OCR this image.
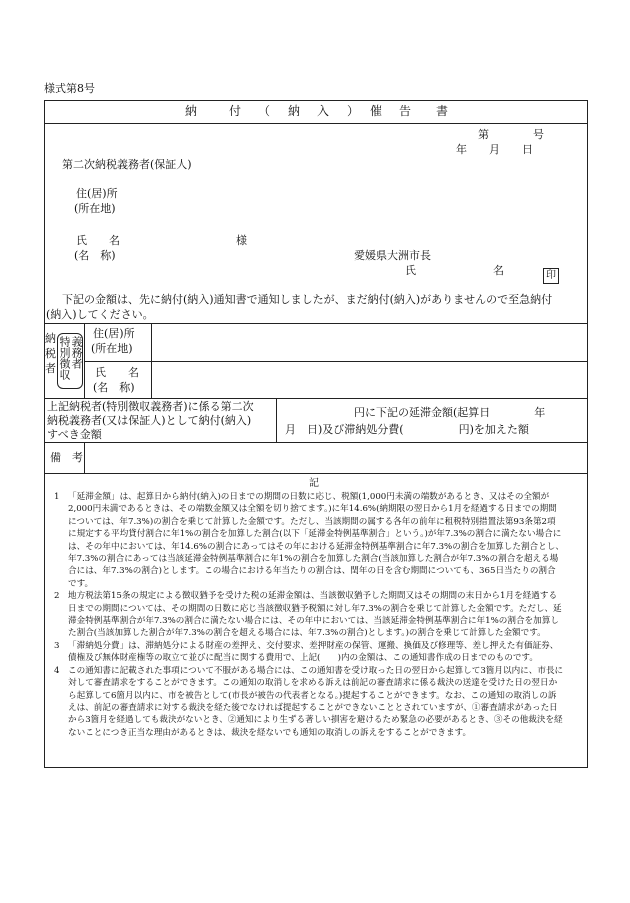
様式第8号
納	付 （ 納 入 ） 催 告 書
第　　　　号
年　　月　　日
第二次納税義務者(保証人)
住(居)所
(所在地)
氏　　名
(名　称)
様
愛媛県大洲市長
氏　　　　　　　名	印
下記の金額は、先に納付(納入)通知書で通知しましたが、まだ納付(納入)がありませんので至急納付
(納入)してください。
納
税
者 義務者
特別徴収
住(居)所
(所在地)
氏　　名
(名　称)
上記納税者(特別徴収義務者)に係る第二次
納税義務者(又は保証人)として納付(納入)
すべき金額
円に下記の延滞金額(起算日　　　　年
月　日)及び滞納処分費(　　　　　円)を加えた額
備　考
記
1 「延滞金額」は、起算日から納付(納入)の日までの期間の日数に応じ、税額(1,000円未満の端数があるとき、又はその全額が2,000円未満であるときは、その端数金額又は全額を切り捨てます。)に年14.6%(納期限の翌日から1月を経過する日までの期間については、年7.3%)の割合を乗じて計算した金額です。ただし、当該期間の属する各年の前年に租税特別措置法第93条第2項に規定する平均貸付割合に年1%の割合を加算した割合(以下「延滞金特例基準割合」という。)が年7.3%の割合に満たない場合には、その年中においては、年14.6%の割合にあってはその年における延滞金特例基準割合に年7.3%の割合を加算した割合とし、年7.3%の割合にあっては当該延滞金特例基準割合に年1%の割合を加算した割合(当該加算した割合が年7.3%の割合を超える場合には、年7.3%の割合)とします。この場合における年当たりの割合は、閏年の日を含む期間についても、365日当たりの割合です。
2 地方税法第15条の規定による徴収猶予を受けた税の延滞金額は、当該徴収猶予した期間又はその期間の末日から1月を経過する日までの期間については、その期間の日数に応じ当該徴収猶予税額に対し年7.3%の割合を乗じて計算した金額です。ただし、延滞金特例基準割合が年7.3%の割合に満たない場合には、その年中においては、当該延滞金特例基準割合に年1%の割合を加算した割合(当該加算した割合が年7.3%の割合を超える場合には、年7.3%の割合)とします。)の割合を乗じて計算した金額です。
3 「滞納処分費」は、滞納処分による財産の差押え、交付要求、差押財産の保管、運搬、換価及び修理等、差し押えた有価証券、債権及び無体財産権等の取立て並びに配当に関する費用で、上記(　　)内の金額は、この通知書作成の日までのものです。
4 この通知書に記載された事項について不服がある場合には、この通知書を受け取った日の翌日から起算して3箇月以内に、市長に対して審査請求をすることができます。この通知の取消しを求める訴えは前記の審査請求に係る裁決の送達を受けた日の翌日から起算して6箇月以内に、市を被告として(市長が被告の代表者となる。)提起することができます。なお、この通知の取消しの訴えは、前記の審査請求に対する裁決を経た後でなければ提起することができないこととされていますが、①審査請求があった日から3箇月を経過しても裁決がないとき、②通知により生ずる著しい損害を避けるため緊急の必要があるとき、③その他裁決を経ないことにつき正当な理由があるときは、裁決を経ないでも通知の取消しの訴えをすることができます。
